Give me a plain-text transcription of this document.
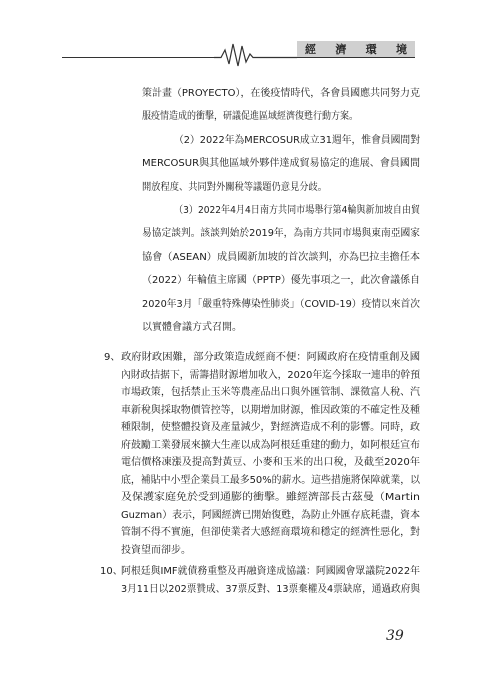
經 濟 環 境
策計畫（PROYECTO），在後疫情時代，各會員國應共同努力克
服疫情造成的衝擊，研議促進區域經濟復甦行動方案。
（2）2022年為MERCOSUR成立31週年，惟會員國間對
MERCOSUR與其他區域外夥伴達成貿易協定的進展、會員國間
開放程度、共同對外關稅等議題仍意見分歧。
（3）2022年4月4日南方共同市場舉行第4輪與新加坡自由貿
易協定談判。該談判始於2019年，為南方共同市場與東南亞國家
協會（ASEAN）成員國新加坡的首次談判，亦為巴拉圭擔任本
（2022）年輪值主席國（PPTP）優先事項之一，此次會議係自
2020年3月「嚴重特殊傳染性肺炎」（COVID-19）疫情以來首次
以實體會議方式召開。
政府財政困難，部分政策造成經商不便：阿國政府在疫情重創及國
內財政拮据下，需籌措財源增加收入，2020年迄今採取一連串的幹預
市場政策，包括禁止玉米等農產品出口與外匯管制、課徵富人稅、汽
車新稅與採取物價管控等，以期增加財源，惟因政策的不確定性及種
種限制，使整體投資及產量減少，對經濟造成不利的影響。同時，政
府鼓勵工業發展來擴大生產以成為阿根廷重建的動力，如阿根廷宣布
電信價格凍漲及提高對黃豆、小麥和玉米的出口稅，及截至2020年
底，補貼中小型企業員工最多50%的薪水。這些措施將保障就業，以
及保護家庭免於受到通膨的衝擊。雖經濟部長古茲曼（Martin
Guzman）表示，阿國經濟已開始復甦，為防止外匯存底耗盡，資本
管制不得不實施，但卻使業者大感經商環境和穩定的經濟性惡化，對
投資望而卻步。
9、
10、
阿根廷與IMF就債務重整及再融資達成協議：阿國國會眾議院2022年
3月11日以202票贊成、37票反對、13票棄權及4票缺席，通過政府與
39
